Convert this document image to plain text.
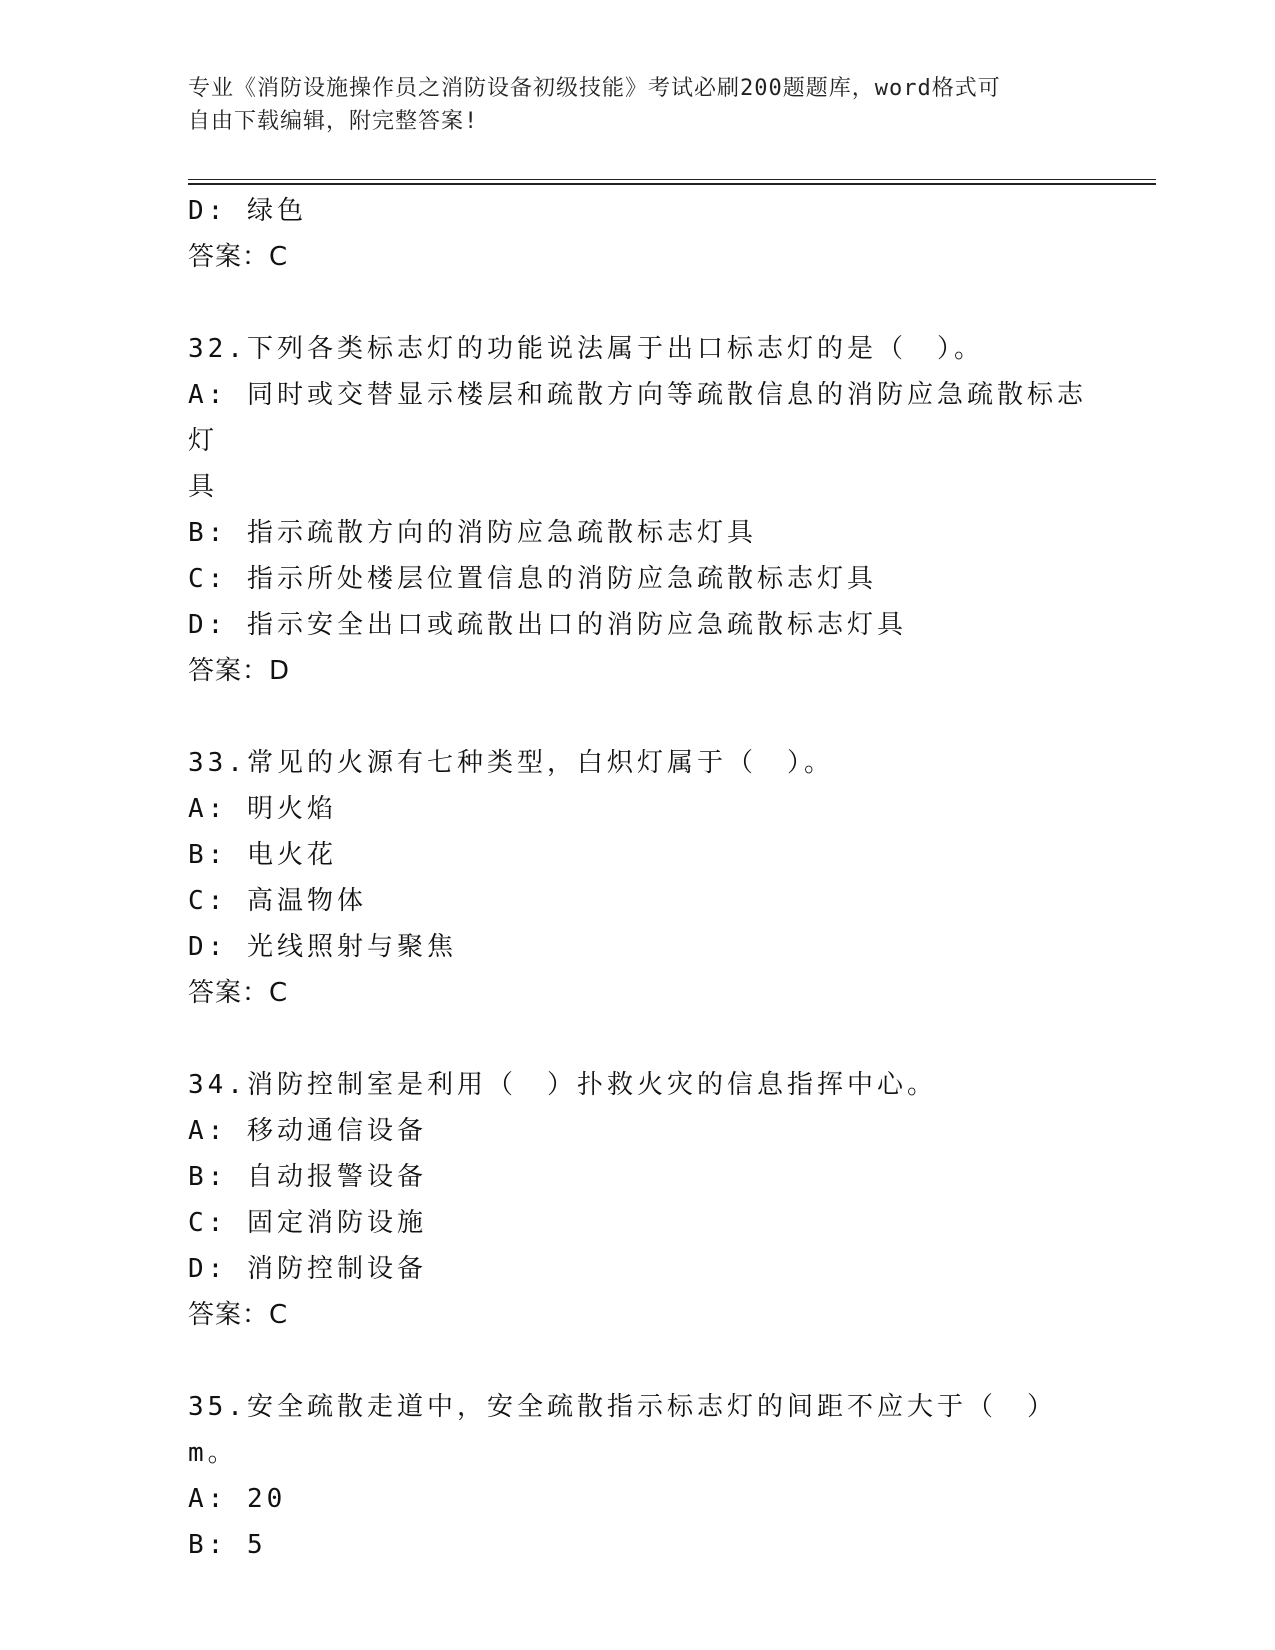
专业《消防设施操作员之消防设备初级技能》考试必刷200题题库，word格式可
自由下载编辑，附完整答案!
D: 绿色
答案：C
32.下列各类标志灯的功能说法属于出口标志灯的是（　）。
A: 同时或交替显示楼层和疏散方向等疏散信息的消防应急疏散标志灯
具
B: 指示疏散方向的消防应急疏散标志灯具
C: 指示所处楼层位置信息的消防应急疏散标志灯具
D: 指示安全出口或疏散出口的消防应急疏散标志灯具
答案：D
33.常见的火源有七种类型，白炽灯属于（　）。
A: 明火焰
B: 电火花
C: 高温物体
D: 光线照射与聚焦
答案：C
34.消防控制室是利用（　）扑救火灾的信息指挥中心。
A: 移动通信设备
B: 自动报警设备
C: 固定消防设施
D: 消防控制设备
答案：C
35.安全疏散走道中，安全疏散指示标志灯的间距不应大于（　）m。
A: 20
B: 5
